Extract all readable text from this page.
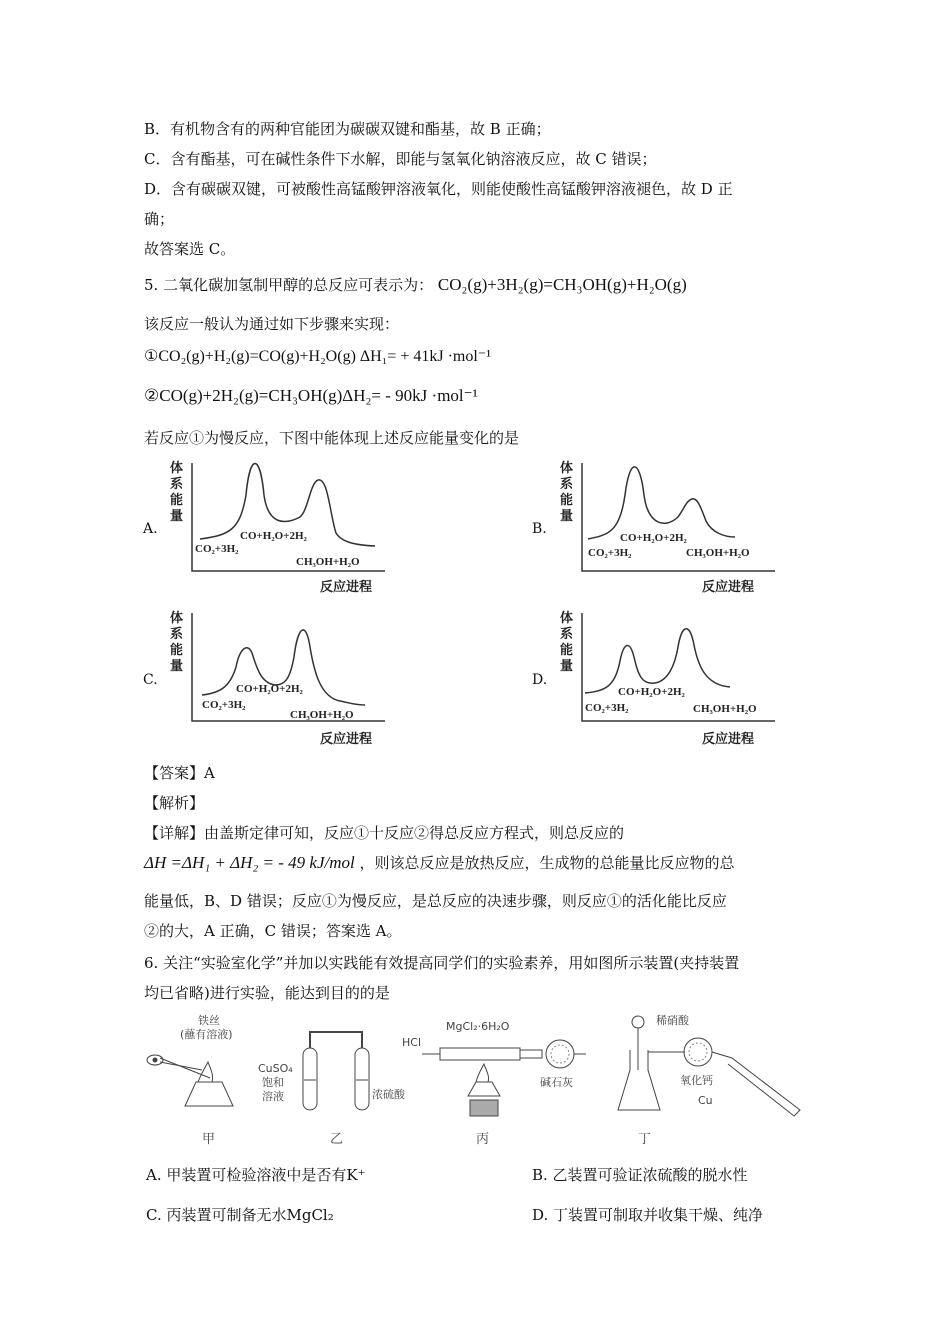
B．有机物含有的两种官能团为碳碳双键和酯基，故 B 正确；
C．含有酯基，可在碱性条件下水解，即能与氢氧化钠溶液反应，故 C 错误；
D．含有碳碳双键，可被酸性高锰酸钾溶液氧化，则能使酸性高锰酸钾溶液褪色，故 D 正
确；
故答案选 C。
5. 二氧化碳加氢制甲醇的总反应可表示为： CO₂(g)+3H₂(g)=CH₃OH(g)+H₂O(g)
该反应一般认为通过如下步骤来实现：
①CO₂(g)+H₂(g)=CO(g)+H₂O(g) ΔH₁= + 41kJ ·mol⁻¹
②CO(g)+2H₂(g)=CH₃OH(g)ΔH₂= - 90kJ ·mol⁻¹
若反应①为慢反应，下图中能体现上述反应能量变化的是
体
系
能
量
CO₂+3H₂
CO+H₂O+2H₂
CH₃OH+H₂O
反应进程
A.
体
系
能
量
CO₂+3H₂
CO+H₂O+2H₂
CH₃OH+H₂O
反应进程
B.
体
系
能
量
CO₂+3H₂
CO+H₂O+2H₂
CH₃OH+H₂O
反应进程
C.
体
系
能
量
CO₂+3H₂
CO+H₂O+2H₂
CH₃OH+H₂O
反应进程
D.
【答案】A
【解析】
【详解】由盖斯定律可知，反应①十反应②得总反应方程式，则总反应的
ΔH =ΔH₁ + ΔH₂ = - 49 kJ/mol ，则该总反应是放热反应，生成物的总能量比反应物的总
能量低，B、D 错误；反应①为慢反应，是总反应的决速步骤，则反应①的活化能比反应
②的大，A 正确，C 错误；答案选 A。
6. 关注“实验室化学”并加以实践能有效提高同学们的实验素养，用如图所示装置(夹持装置
均已省略)进行实验，能达到目的的是
铁丝
(蘸有溶液)
甲
CuSO₄
饱和
溶液	浓硫酸
乙
HCl
MgCl₂·6H₂O
碱石灰
丙
稀硝酸
氧化钙
Cu
丁
A. 甲装置可检验溶液中是否有K⁺	B. 乙装置可验证浓硫酸的脱水性
C. 丙装置可制备无水MgCl₂	D. 丁装置可制取并收集干燥、纯净
